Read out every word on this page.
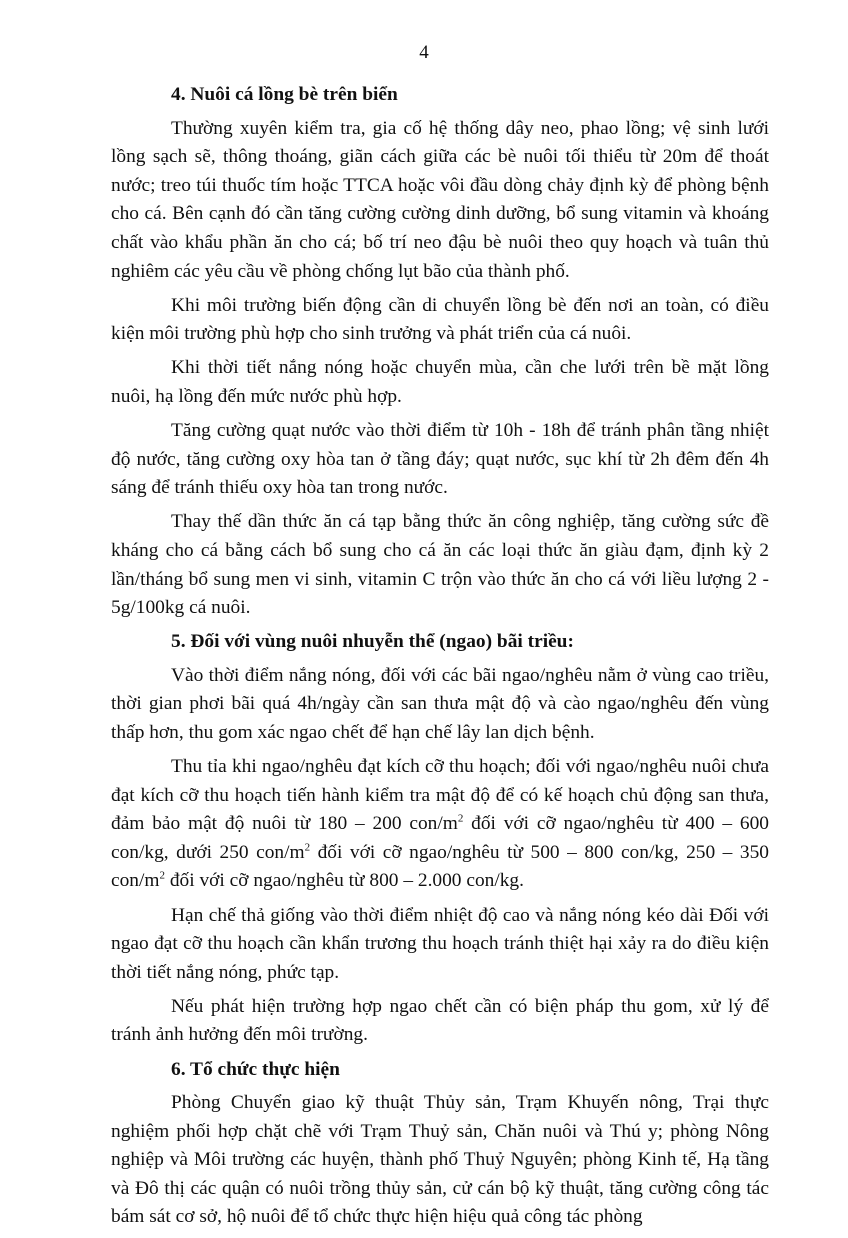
4
4. Nuôi cá lồng bè trên biển

Thường xuyên kiểm tra, gia cố hệ thống dây neo, phao lồng; vệ sinh lưới lồng sạch sẽ, thông thoáng, giãn cách giữa các bè nuôi tối thiểu từ 20m để thoát nước; treo túi thuốc tím hoặc TTCA hoặc vôi đầu dòng chảy định kỳ để phòng bệnh cho cá. Bên cạnh đó cần tăng cường cường dinh dưỡng, bổ sung vitamin và khoáng chất vào khẩu phần ăn cho cá; bố trí neo đậu bè nuôi theo quy hoạch và tuân thủ nghiêm các yêu cầu về phòng chống lụt bão của thành phố.

Khi môi trường biến động cần di chuyển lồng bè đến nơi an toàn, có điều kiện môi trường phù hợp cho sinh trưởng và phát triển của cá nuôi.

Khi thời tiết nắng nóng hoặc chuyển mùa, cần che lưới trên bề mặt lồng nuôi, hạ lồng đến mức nước phù hợp.

Tăng cường quạt nước vào thời điểm từ 10h - 18h để tránh phân tầng nhiệt độ nước, tăng cường oxy hòa tan ở tầng đáy; quạt nước, sục khí từ 2h đêm đến 4h sáng để tránh thiếu oxy hòa tan trong nước.

Thay thế dần thức ăn cá tạp bằng thức ăn công nghiệp, tăng cường sức đề kháng cho cá bằng cách bổ sung cho cá ăn các loại thức ăn giàu đạm, định kỳ 2 lần/tháng bổ sung men vi sinh, vitamin C trộn vào thức ăn cho cá với liều lượng 2 - 5g/100kg cá nuôi.

5. Đối với vùng nuôi nhuyễn thể (ngao) bãi triều:

Vào thời điểm nắng nóng, đối với các bãi ngao/nghêu nằm ở vùng cao triều, thời gian phơi bãi quá 4h/ngày cần san thưa mật độ và cào ngao/nghêu đến vùng thấp hơn, thu gom xác ngao chết để hạn chế lây lan dịch bệnh.

Thu tỉa khi ngao/nghêu đạt kích cỡ thu hoạch; đối với ngao/nghêu nuôi chưa đạt kích cỡ thu hoạch tiến hành kiểm tra mật độ để có kế hoạch chủ động san thưa, đảm bảo mật độ nuôi từ 180 – 200 con/$m^2$ đối với cỡ ngao/nghêu từ 400 – 600 con/kg, dưới 250 con/$m^2$ đối với cỡ ngao/nghêu từ 500 – 800 con/kg, 250 – 350 con/$m^2$ đối với cỡ ngao/nghêu từ 800 – 2.000 con/kg.

Hạn chế thả giống vào thời điểm nhiệt độ cao và nắng nóng kéo dài Đối với ngao đạt cỡ thu hoạch cần khẩn trương thu hoạch tránh thiệt hại xảy ra do điều kiện thời tiết nắng nóng, phức tạp.

Nếu phát hiện trường hợp ngao chết cần có biện pháp thu gom, xử lý để tránh ảnh hưởng đến môi trường.

6. Tổ chức thực hiện

Phòng Chuyển giao kỹ thuật Thủy sản, Trạm Khuyến nông, Trại thực nghiệm phối hợp chặt chẽ với Trạm Thuỷ sản, Chăn nuôi và Thú y; phòng Nông nghiệp và Môi trường các huyện, thành phố Thuỷ Nguyên; phòng Kinh tế, Hạ tầng và Đô thị các quận có nuôi trồng thủy sản, cử cán bộ kỹ thuật, tăng cường công tác bám sát cơ sở, hộ nuôi để tổ chức thực hiện hiệu quả công tác phòng
